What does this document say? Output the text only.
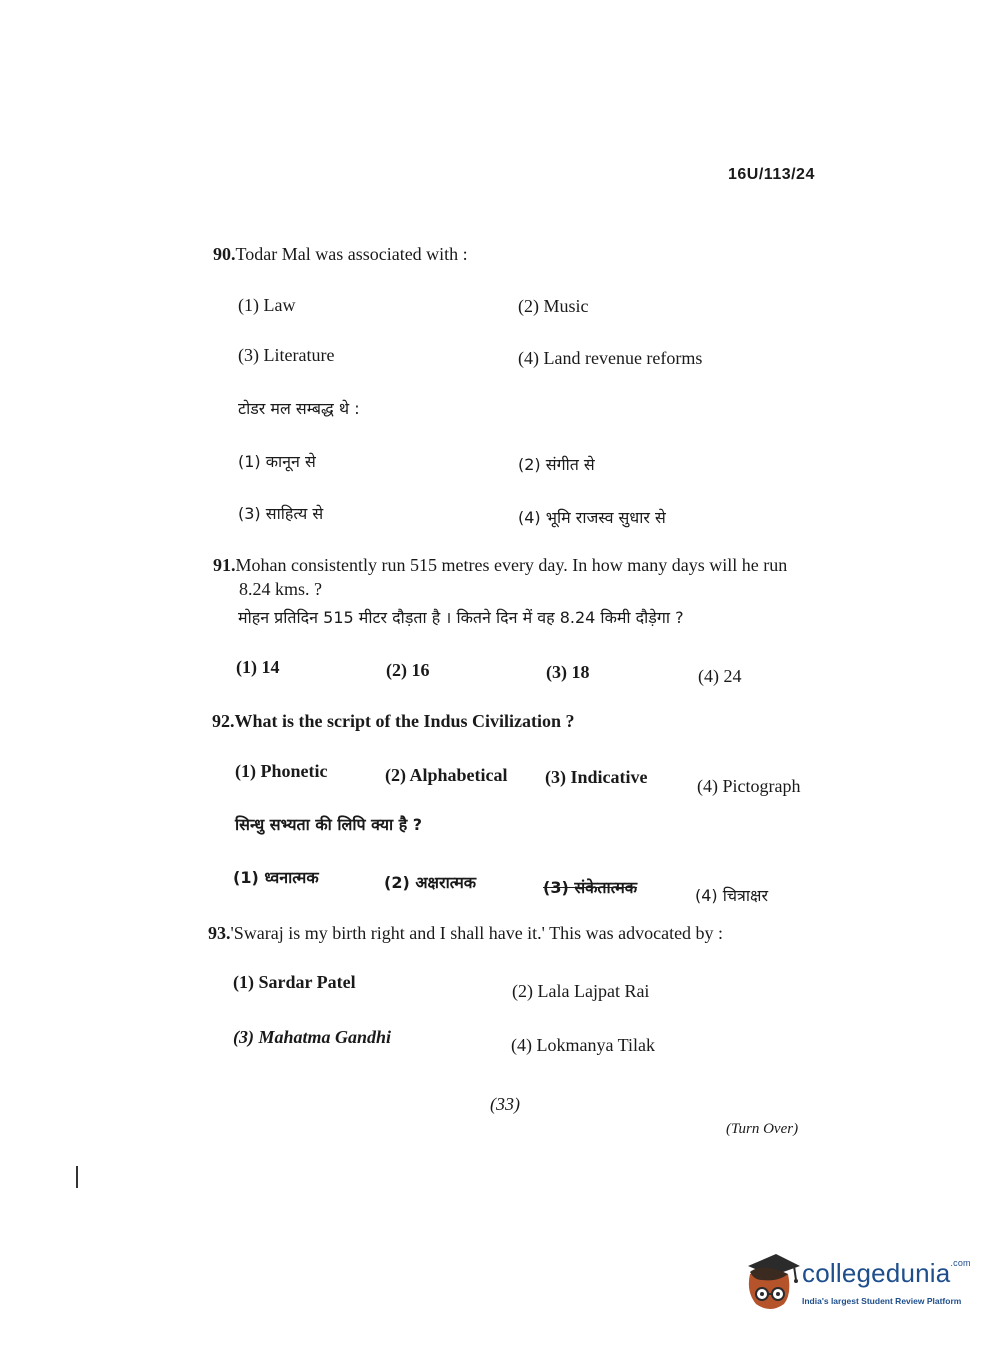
16U/113/24
90.Todar Mal was associated with :
(1) Law	(2) Music
(3) Literature	(4) Land revenue reforms
टोडर मल सम्बद्ध थे :
(1) कानून से	(2) संगीत से
(3) साहित्य से	(4) भूमि राजस्व सुधार से
91.Mohan consistently run 515 metres every day. In how many days will he run
8.24 kms. ?
मोहन प्रतिदिन 515 मीटर दौड़ता है । कितने दिन में वह 8.24 किमी दौड़ेगा ?
(1) 14	(2) 16	(3) 18	(4) 24
92.What is the script of the Indus Civilization ?
(1) Phonetic	(2) Alphabetical (3) Indicative	(4) Pictograph
सिन्धु सभ्यता की लिपि क्या है ?
(1) ध्वनात्मक	(2) अक्षरात्मक	(3) संकेतात्मक	(4) चित्राक्षर
93.'Swaraj is my birth right and I shall have it.' This was advocated by :
(1) Sardar Patel	(2) Lala Lajpat Rai
(3) Mahatma Gandhi	(4) Lokmanya Tilak
(33)
(Turn Over)
collegedunia$^{.com}$
India's largest Student Review Platform
